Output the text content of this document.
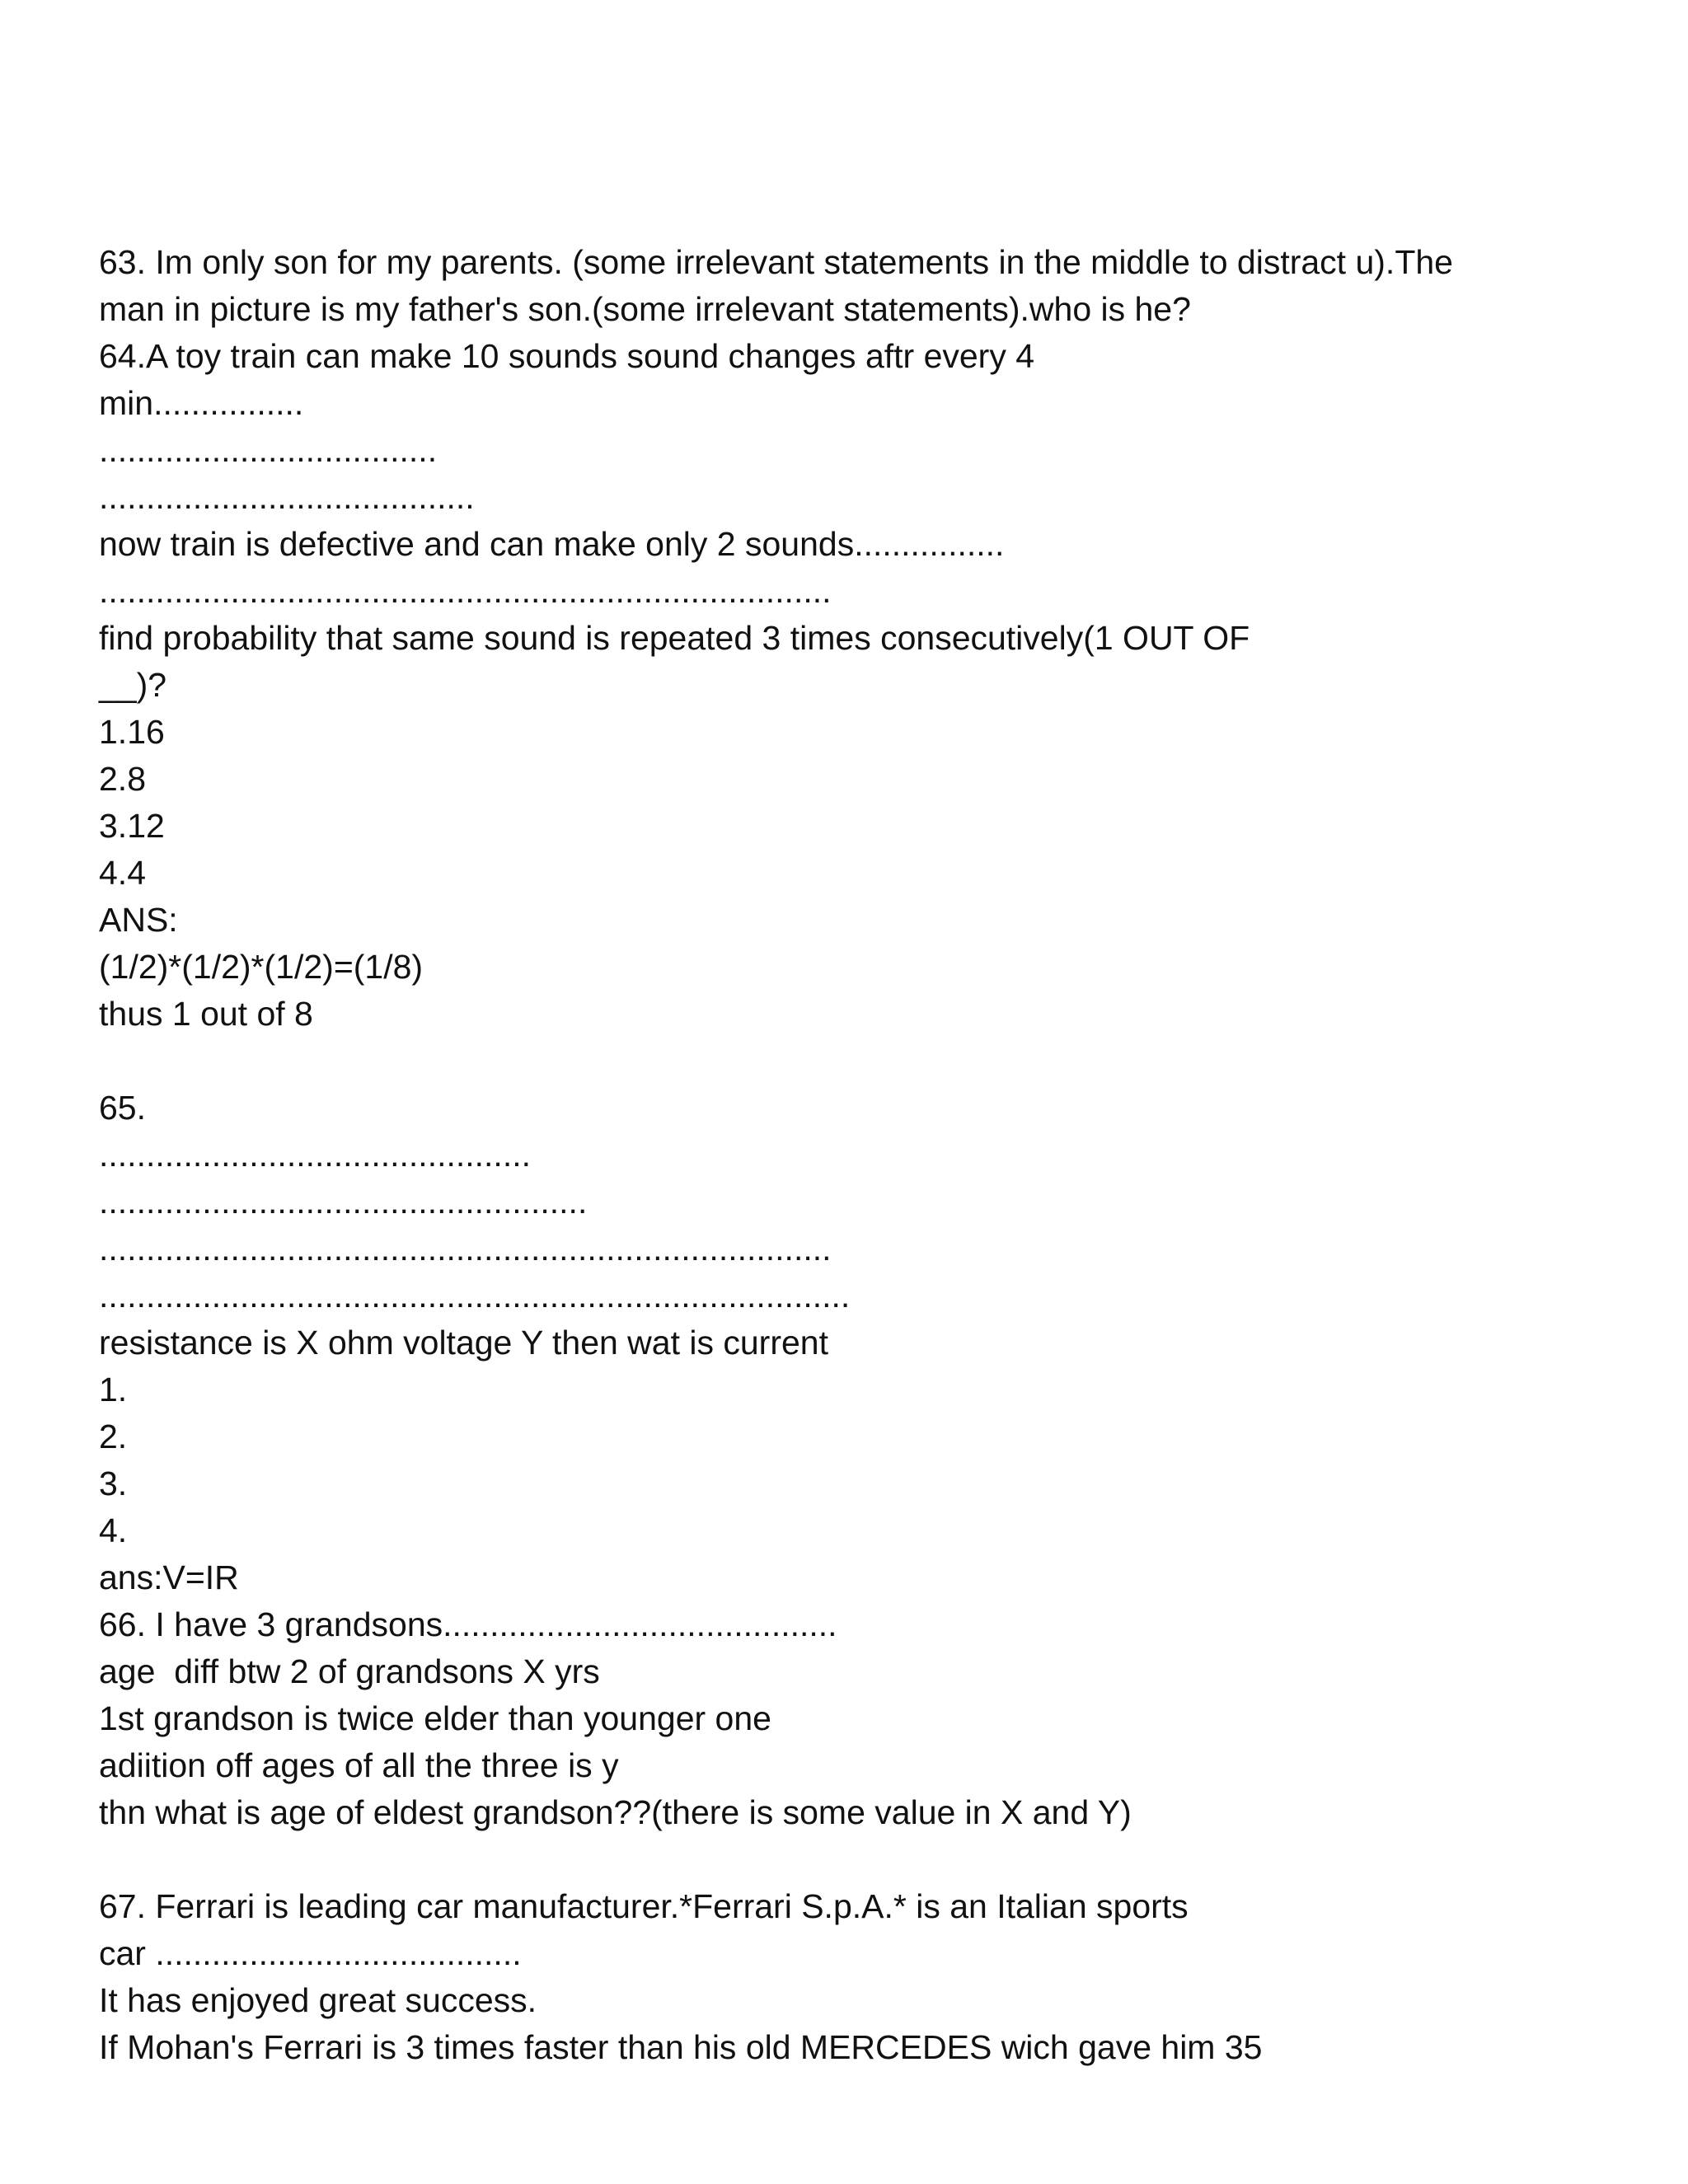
63. Im only son for my parents. (some irrelevant statements in the middle to distract u).The
man in picture is my father's son.(some irrelevant statements).who is he?
64.A toy train can make 10 sounds sound changes aftr every 4
min................
....................................
........................................
now train is defective and can make only 2 sounds................
..............................................................................
find probability that same sound is repeated 3 times consecutively(1 OUT OF
__)?
1.16
2.8
3.12
4.4
ANS:
(1/2)*(1/2)*(1/2)=(1/8)
thus 1 out of 8
65.
..............................................
....................................................
..............................................................................
................................................................................
resistance is X ohm voltage Y then wat is current
1.
2.
3.
4.
ans:V=IR
66. I have 3 grandsons..........................................
age  diff btw 2 of grandsons X yrs
1st grandson is twice elder than younger one
adiition off ages of all the three is y
thn what is age of eldest grandson??(there is some value in X and Y)
67. Ferrari is leading car manufacturer.*Ferrari S.p.A.* is an Italian sports
car .......................................
It has enjoyed great success.
If Mohan's Ferrari is 3 times faster than his old MERCEDES wich gave him 35
